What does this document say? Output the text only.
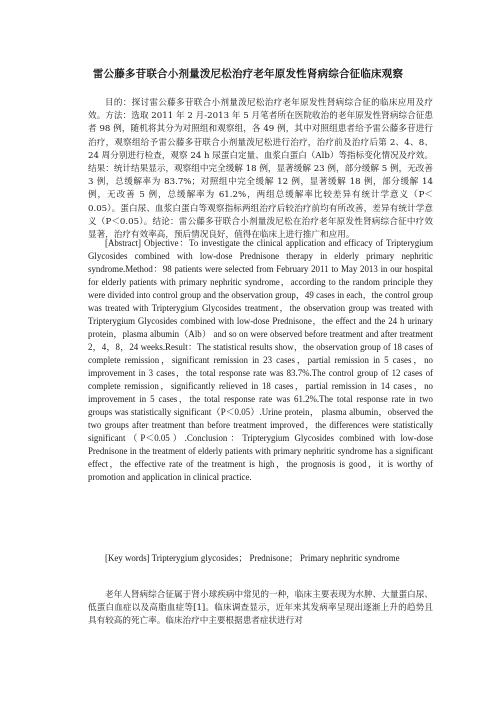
雷公藤多苷联合小剂量泼尼松治疗老年原发性肾病综合征临床观察

目的：探讨雷公藤多苷联合小剂量泼尼松治疗老年原发性肾病综合征的临床应用及疗效。方法：选取 2011 年 2 月-2013 年 5 月笔者所在医院收治的老年原发性肾病综合征患者 98 例，随机将其分为对照组和观察组，各 49 例，其中对照组患者给予雷公藤多苷进行治疗，观察组给予雷公藤多苷联合小剂量泼尼松进行治疗，治疗前及治疗后第 2、4、8、24 周分别进行检查，观察 24 h 尿蛋白定量、血浆白蛋白（Alb）等指标变化情况及疗效。结果：统计结果显示，观察组中完全缓解 18 例，显著缓解 23 例，部分缓解 5 例，无改善 3 例，总缓解率为 83.7%；对照组中完全缓解 12 例，显著缓解 18 例，部分缓解 14 例，无改善 5 例，总缓解率为 61.2%，两组总缓解率比较差异有统计学意义（P＜0.05）。蛋白尿、血浆白蛋白等观察指标两组治疗后较治疗前均有所改善，差异有统计学意义（P＜0.05）。结论：雷公藤多苷联合小剂量泼尼松在治疗老年原发性肾病综合征中疗效显著，治疗有效率高，预后情况良好，值得在临床上进行推广和应用。

[Abstract] Objective：To investigate the clinical application and efficacy of Tripterygium Glycosides combined with low-dose Prednisone therapy in elderly primary nephritic syndrome.Method：98 patients were selected from February 2011 to May 2013 in our hospital for elderly patients with primary nephritic syndrome，according to the random principle they were divided into control group and the observation group，49 cases in each，the control group was treated with Tripterygium Glycosides treatment，the observation group was treated with Tripterygium Glycosides combined with low-dose Prednisone，the effect and the 24 h urinary protein，plasma albumin（Alb） and so on were observed before treatment and after treatment 2，4，8，24 weeks.Result：The statistical results show，the observation group of 18 cases of complete remission，significant remission in 23 cases，partial remission in 5 cases，no improvement in 3 cases，the total response rate was 83.7%.The control group of 12 cases of complete remission，significantly relieved in 18 cases，partial remission in 14 cases，no improvement in 5 cases，the total response rate was 61.2%.The total response rate in two groups was statistically significant（P＜0.05）.Urine protein， plasma albumin，observed the two groups after treatment than before treatment improved，the differences were statistically significant（P＜0.05）.Conclusion：Tripterygium Glycosides combined with low-dose Prednisone in the treatment of elderly patients with primary nephritic syndrome has a significant effect，the effective rate of the treatment is high，the prognosis is good，it is worthy of promotion and application in clinical practice.

[Key words] Tripterygium glycosides； Prednisone； Primary nephritic syndrome

老年人肾病综合征属于肾小球疾病中常见的一种，临床主要表现为水肿、大量蛋白尿、低蛋白血症以及高脂血症等[1]。临床调查显示，近年来其发病率呈现出逐渐上升的趋势且具有较高的死亡率。临床治疗中主要根据患者症状进行对
